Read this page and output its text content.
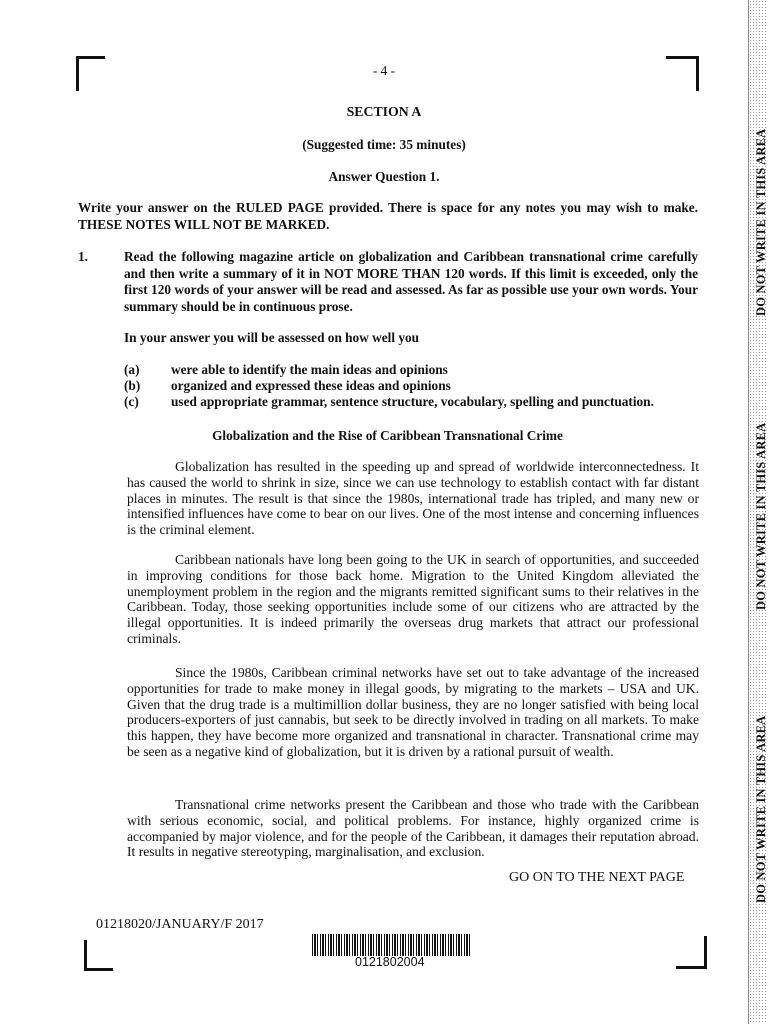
- 4 -
SECTION A
(Suggested time: 35 minutes)
Answer Question 1.
Write your answer on the RULED PAGE provided. There is space for any notes you may wish to make. THESE NOTES WILL NOT BE MARKED.
1.	Read the following magazine article on globalization and Caribbean transnational crime carefully and then write a summary of it in NOT MORE THAN 120 words. If this limit is exceeded, only the first 120 words of your answer will be read and assessed. As far as possible use your own words. Your summary should be in continuous prose.
In your answer you will be assessed on how well you
(a) were able to identify the main ideas and opinions
(b) organized and expressed these ideas and opinions
(c) used appropriate grammar, sentence structure, vocabulary, spelling and punctuation.
Globalization and the Rise of Caribbean Transnational Crime
Globalization has resulted in the speeding up and spread of worldwide interconnectedness. It has caused the world to shrink in size, since we can use technology to establish contact with far distant places in minutes. The result is that since the 1980s, international trade has tripled, and many new or intensified influences have come to bear on our lives. One of the most intense and concerning influences is the criminal element.
Caribbean nationals have long been going to the UK in search of opportunities, and succeeded in improving conditions for those back home. Migration to the United Kingdom alleviated the unemployment problem in the region and the migrants remitted significant sums to their relatives in the Caribbean. Today, those seeking opportunities include some of our citizens who are attracted by the illegal opportunities. It is indeed primarily the overseas drug markets that attract our professional criminals.
Since the 1980s, Caribbean criminal networks have set out to take advantage of the increased opportunities for trade to make money in illegal goods, by migrating to the markets – USA and UK. Given that the drug trade is a multimillion dollar business, they are no longer satisfied with being local producers-exporters of just cannabis, but seek to be directly involved in trading on all markets. To make this happen, they have become more organized and transnational in character. Transnational crime may be seen as a negative kind of globalization, but it is driven by a rational pursuit of wealth.
Transnational crime networks present the Caribbean and those who trade with the Caribbean with serious economic, social, and political problems. For instance, highly organized crime is accompanied by major violence, and for the people of the Caribbean, it damages their reputation abroad. It results in negative stereotyping, marginalisation, and exclusion.
GO ON TO THE NEXT PAGE
01218020/JANUARY/F 2017
0121802004
DO NOT WRITE IN THIS AREA
DO NOT WRITE IN THIS AREA
DO NOT WRITE IN THIS AREA
